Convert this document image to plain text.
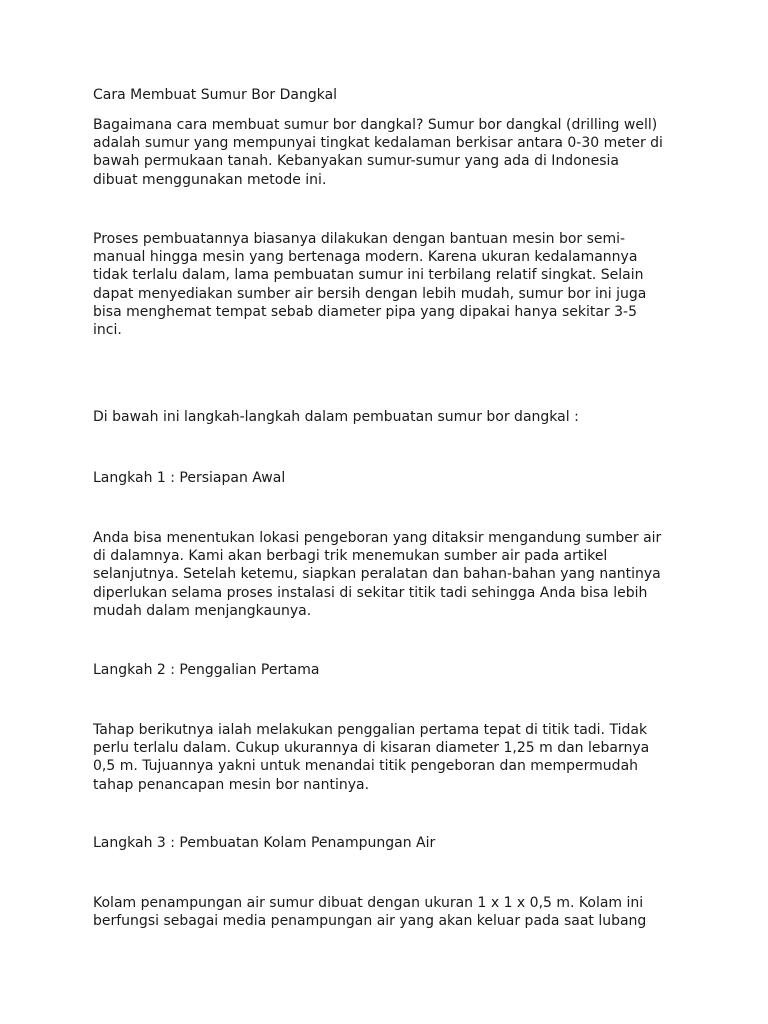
Cara Membuat Sumur Bor Dangkal
Bagaimana cara membuat sumur bor dangkal? Sumur bor dangkal (drilling well)
adalah sumur yang mempunyai tingkat kedalaman berkisar antara 0-30 meter di
bawah permukaan tanah. Kebanyakan sumur-sumur yang ada di Indonesia
dibuat menggunakan metode ini.
Proses pembuatannya biasanya dilakukan dengan bantuan mesin bor semi-
manual hingga mesin yang bertenaga modern. Karena ukuran kedalamannya
tidak terlalu dalam, lama pembuatan sumur ini terbilang relatif singkat. Selain
dapat menyediakan sumber air bersih dengan lebih mudah, sumur bor ini juga
bisa menghemat tempat sebab diameter pipa yang dipakai hanya sekitar 3-5
inci.
Di bawah ini langkah-langkah dalam pembuatan sumur bor dangkal :
Langkah 1 : Persiapan Awal
Anda bisa menentukan lokasi pengeboran yang ditaksir mengandung sumber air
di dalamnya. Kami akan berbagi trik menemukan sumber air pada artikel
selanjutnya. Setelah ketemu, siapkan peralatan dan bahan-bahan yang nantinya
diperlukan selama proses instalasi di sekitar titik tadi sehingga Anda bisa lebih
mudah dalam menjangkaunya.
Langkah 2 : Penggalian Pertama
Tahap berikutnya ialah melakukan penggalian pertama tepat di titik tadi. Tidak
perlu terlalu dalam. Cukup ukurannya di kisaran diameter 1,25 m dan lebarnya
0,5 m. Tujuannya yakni untuk menandai titik pengeboran dan mempermudah
tahap penancapan mesin bor nantinya.
Langkah 3 : Pembuatan Kolam Penampungan Air
Kolam penampungan air sumur dibuat dengan ukuran 1 x 1 x 0,5 m. Kolam ini
berfungsi sebagai media penampungan air yang akan keluar pada saat lubang
